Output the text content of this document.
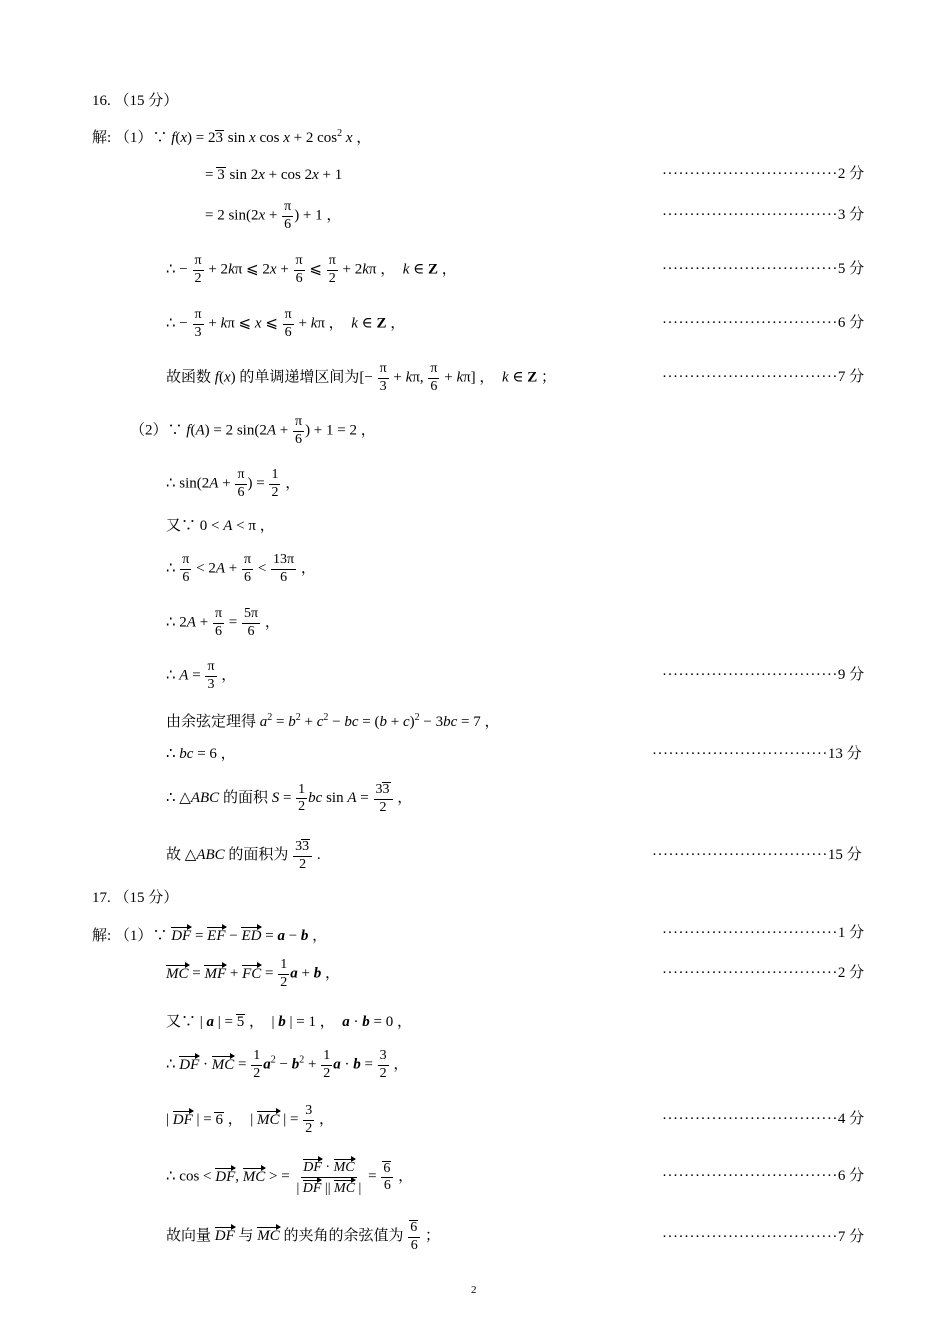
16. （15 分）
解: （1）∵ f(x) = 23 sin x cos x + 2 $\cos^2 x$ ，
= 3 sin 2x + cos 2x + 1	································2 分
= 2 $\sin(2x + \frac{\pi}{6}$ ) + 1 ，	································3 分
∴ − $\frac{\pi}{2} + 2k\pi$ ⩽ $2x + \frac{\pi}{6}$ ⩽ $\frac{\pi}{2} + 2k\pi$ ，  k ∈ Z ，	································5 分
∴ − $\frac{\pi}{3} + k\pi$ ⩽ x ⩽ $\frac{\pi}{6} + k\pi$ ，  k ∈ Z ，	································6 分
故函数 f(x) 的单调递增区间为[− $\frac{\pi}{3} + k\pi$, $\frac{\pi}{6} + k\pi$] ，  k ∈ Z ；	································7 分
（2）∵ f(A) = 2 $\sin(2A + \frac{\pi}{6}$ ) + 1 = 2 ，
∴ $\sin(2A + \frac{\pi}{6}$ ) = $\frac{1}{2}$ ，
又∵ 0 < A < π ，
∴ $\frac{\pi}{6} < 2A + \frac{\pi}{6} < \frac{13\pi}{6}$ ，
∴ $2A + \frac{\pi}{6} = \frac{5\pi}{6}$ ，
∴ $A = \frac{\pi}{3}$ ，	································9 分
由余弦定理得 $a^2 = b^2 + c^2$ − bc = $(b + c)^2 - 3bc = 7$ ，
∴ bc = 6 ，	································13 分
∴ △ABC 的面积 $S = \frac{1}{2}$ bc $\sin A = \frac{33}{2}$ ，
故 △ABC 的面积为 $\frac{33}{2}$ .	································15 分
17. （15 分）
解: （1）∵ DF = EF − ED = a − b ，	································1 分
MC = MF + FC = $\frac{1}{2}$ a + b ，	································2 分
又∵ | a | = 5 ，  | b | = 1 ，  a · b = 0 ，
∴ DF · MC = $\frac{1}{2} a^2 - b^2 + \frac{1}{2}$ $a \cdot b = \frac{3}{2}$ ，
| DF | = 6 ，  | MC | = $\frac{3}{2}$ ，	································4 分
∴ cos < DF, MC > = $\frac{DF \cdot MC}{| DF || MC |} = \frac{6}{6}$ ，	································6 分
故向量 DF 与 MC 的夹角的余弦值为 $\frac{6}{6}$ ；	································7 分
2
